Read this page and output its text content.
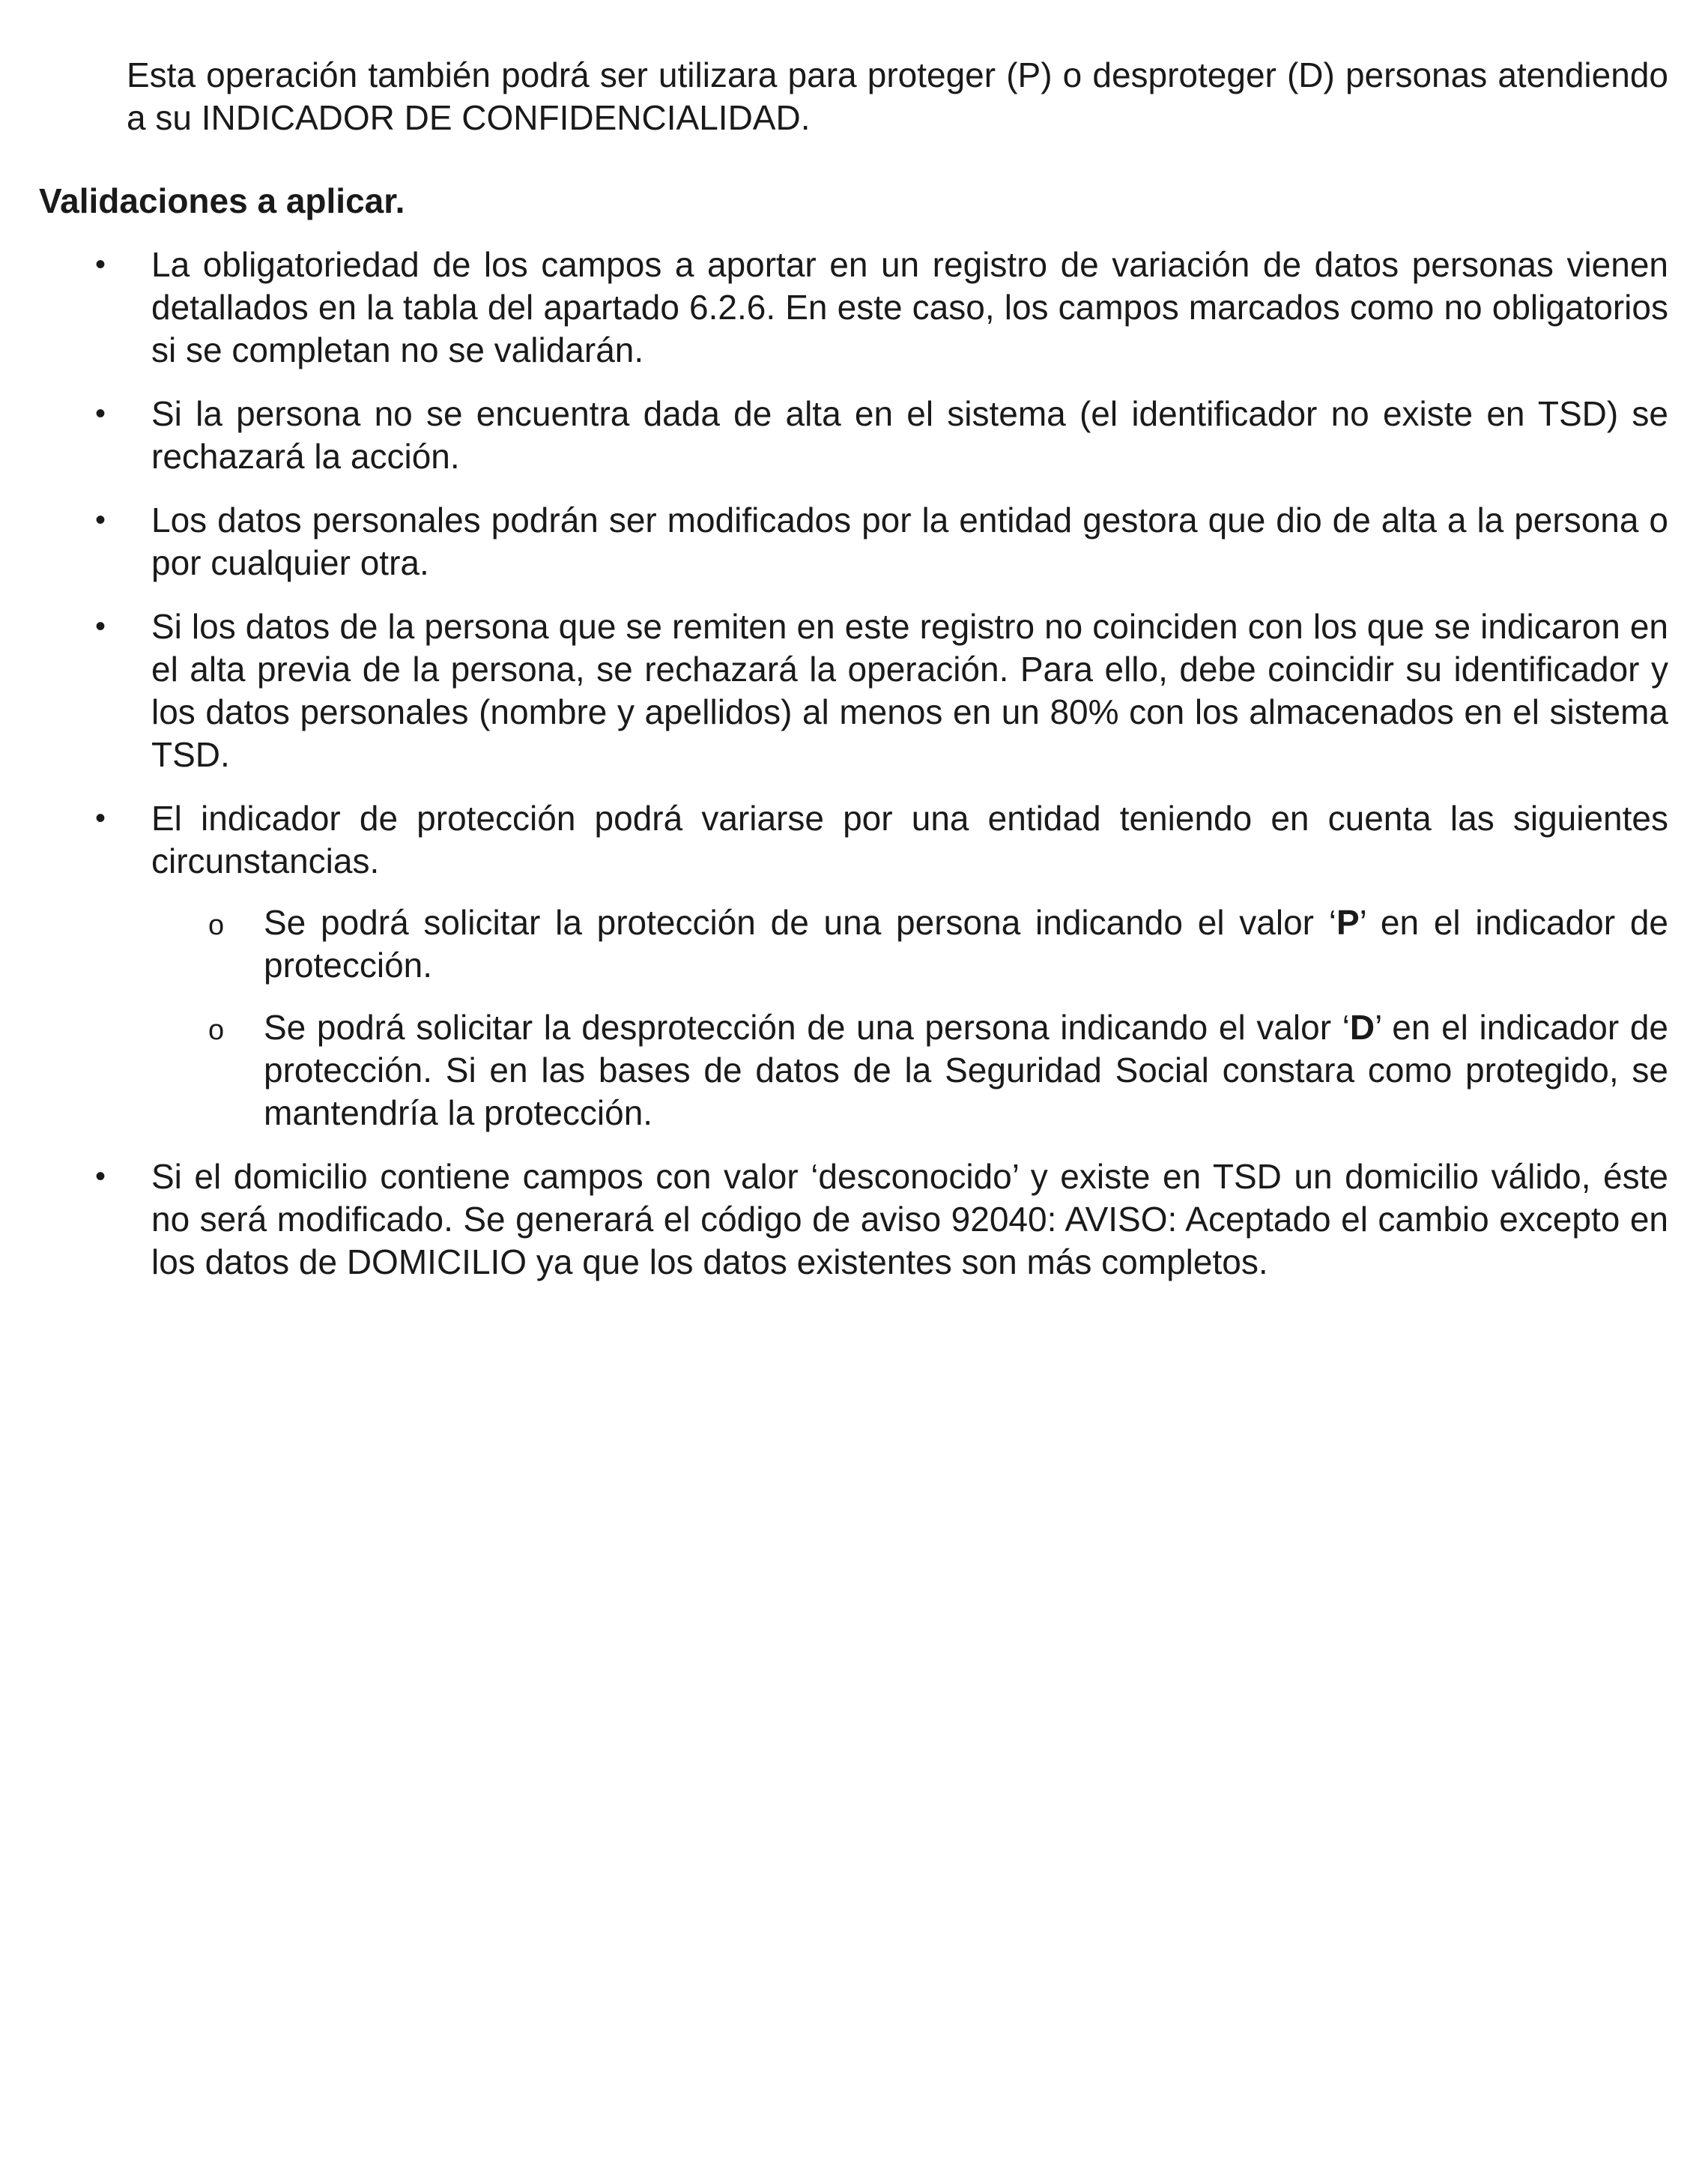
Esta operación también podrá ser utilizara para proteger (P) o desproteger (D) personas atendiendo a su INDICADOR DE CONFIDENCIALIDAD.

Validaciones a aplicar.

• La obligatoriedad de los campos a aportar en un registro de variación de datos personas vienen detallados en la tabla del apartado 6.2.6. En este caso, los campos marcados como no obligatorios si se completan no se validarán.

• Si la persona no se encuentra dada de alta en el sistema (el identificador no existe en TSD) se rechazará la acción.

• Los datos personales podrán ser modificados por la entidad gestora que dio de alta a la persona o por cualquier otra.

• Si los datos de la persona que se remiten en este registro no coinciden con los que se indicaron en el alta previa de la persona, se rechazará la operación. Para ello, debe coincidir su identificador y los datos personales (nombre y apellidos) al menos en un 80% con los almacenados en el sistema TSD.

• El indicador de protección podrá variarse por una entidad teniendo en cuenta las siguientes circunstancias.

o Se podrá solicitar la protección de una persona indicando el valor ‘P’ en el indicador de protección.

o Se podrá solicitar la desprotección de una persona indicando el valor ‘D’ en el indicador de protección. Si en las bases de datos de la Seguridad Social constara como protegido, se mantendría la protección.

• Si el domicilio contiene campos con valor ‘desconocido’ y existe en TSD un domicilio válido, éste no será modificado. Se generará el código de aviso 92040: AVISO: Aceptado el cambio excepto en los datos de DOMICILIO ya que los datos existentes son más completos.
